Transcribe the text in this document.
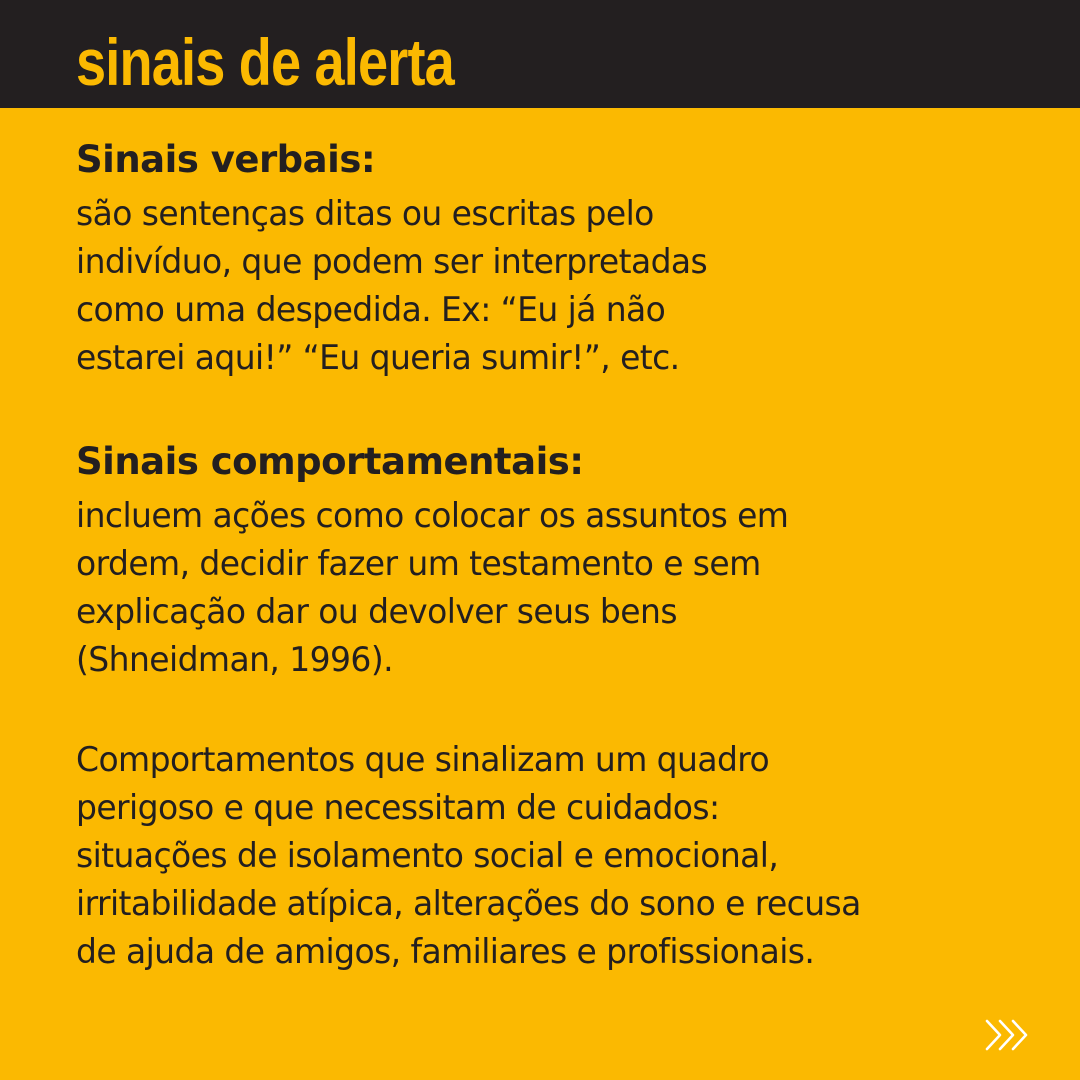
sinais de alerta
Sinais verbais:

são sentenças ditas ou escritas pelo
indivíduo, que podem ser interpretadas
como uma despedida. Ex: “Eu já não
estarei aqui!” “Eu queria sumir!”, etc.

Sinais comportamentais:

incluem ações como colocar os assuntos em
ordem, decidir fazer um testamento e sem
explicação dar ou devolver seus bens
(Shneidman, 1996).

Comportamentos que sinalizam um quadro
perigoso e que necessitam de cuidados:
situações de isolamento social e emocional,
irritabilidade atípica, alterações do sono e recusa
de ajuda de amigos, familiares e profissionais.
